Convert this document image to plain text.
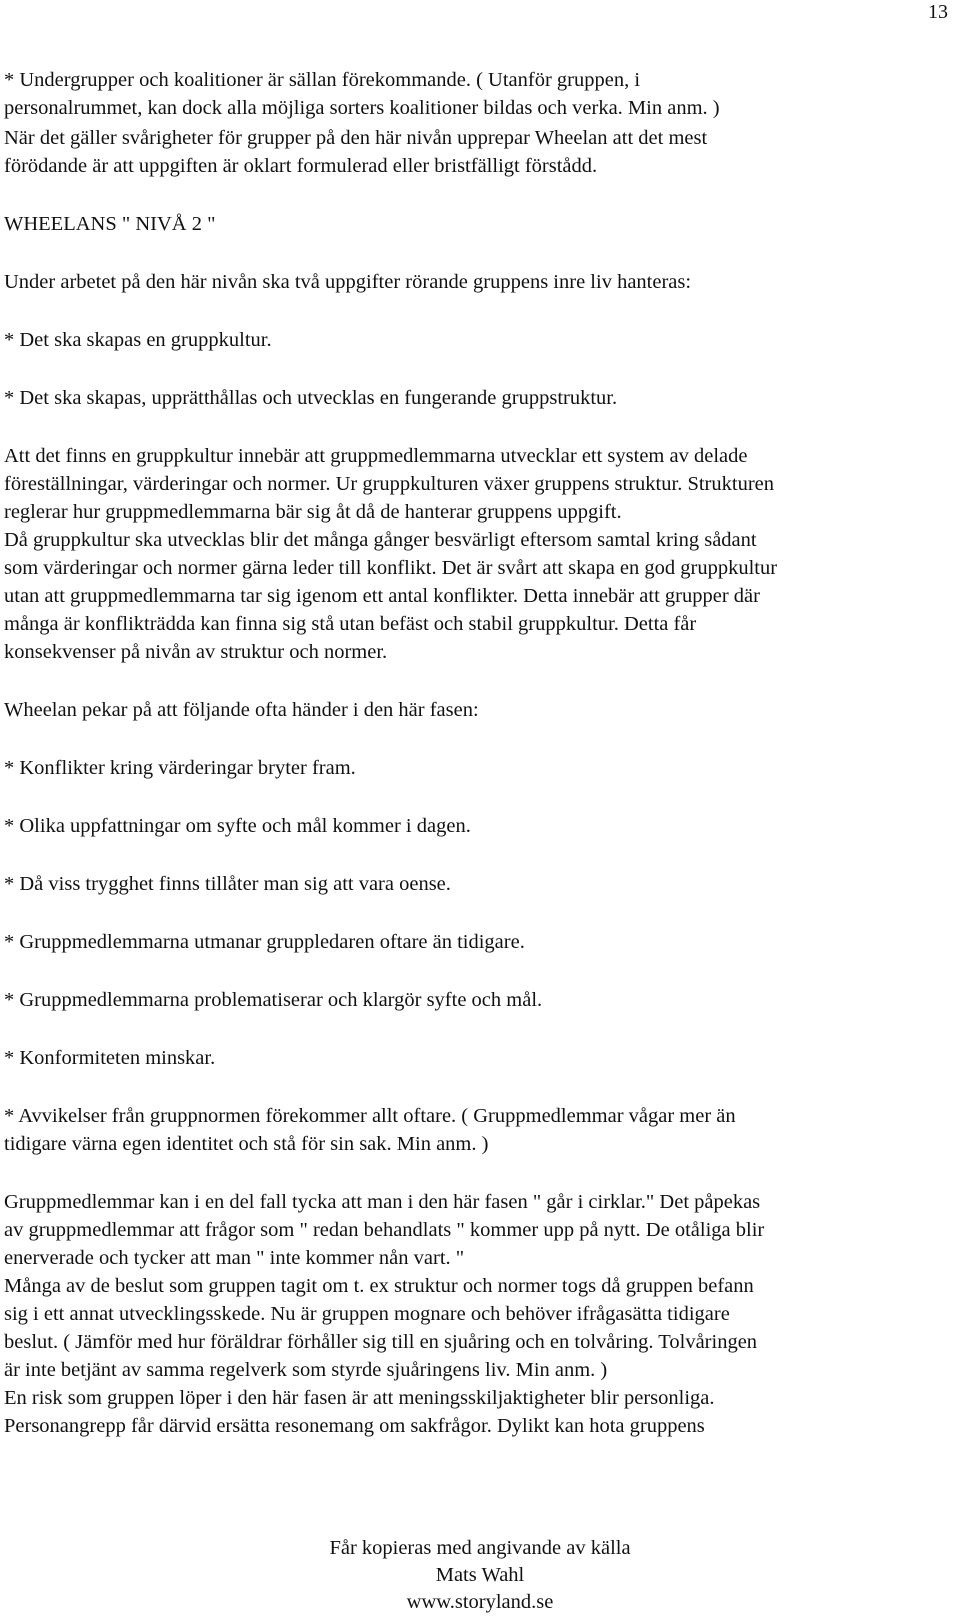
13

* Undergrupper och koalitioner är sällan förekommande. ( Utanför gruppen, i
personalrummet, kan dock alla möjliga sorters koalitioner bildas och verka. Min anm. )

När det gäller svårigheter för grupper på den här nivån upprepar Wheelan att det mest
förödande är att uppgiften är oklart formulerad eller bristfälligt förstådd.

WHEELANS " NIVÅ 2 "

Under arbetet på den här nivån ska två uppgifter rörande gruppens inre liv hanteras:

* Det ska skapas en gruppkultur.

* Det ska skapas, upprätthållas och utvecklas en fungerande gruppstruktur.

Att det finns en gruppkultur innebär att gruppmedlemmarna utvecklar ett system av delade
föreställningar, värderingar och normer. Ur gruppkulturen växer gruppens struktur. Strukturen
reglerar hur gruppmedlemmarna bär sig åt då de hanterar gruppens uppgift.
Då gruppkultur ska utvecklas blir det många gånger besvärligt eftersom samtal kring sådant
som värderingar och normer gärna leder till konflikt. Det är svårt att skapa en god gruppkultur
utan att gruppmedlemmarna tar sig igenom ett antal konflikter. Detta innebär att grupper där
många är konflikträdda kan finna sig stå utan befäst och stabil gruppkultur. Detta får
konsekvenser på nivån av struktur och normer.

Wheelan pekar på att följande ofta händer i den här fasen:

* Konflikter kring värderingar bryter fram.

* Olika uppfattningar om syfte och mål kommer i dagen.

* Då viss trygghet finns tillåter man sig att vara oense.

* Gruppmedlemmarna utmanar gruppledaren oftare än tidigare.

* Gruppmedlemmarna problematiserar och klargör syfte och mål.

* Konformiteten minskar.

* Avvikelser från gruppnormen förekommer allt oftare. ( Gruppmedlemmar vågar mer än
tidigare värna egen identitet och stå för sin sak. Min anm. )

Gruppmedlemmar kan i en del fall tycka att man i den här fasen " går i cirklar." Det påpekas
av gruppmedlemmar att frågor som " redan behandlats " kommer upp på nytt. De otåliga blir
enerverade och tycker att man " inte kommer nån vart. "
Många av de beslut som gruppen tagit om t. ex struktur och normer togs då gruppen befann
sig i ett annat utvecklingsskede. Nu är gruppen mognare och behöver ifrågasätta tidigare
beslut. ( Jämför med hur föräldrar förhåller sig till en sjuåring och en tolvåring. Tolvåringen
är inte betjänt av samma regelverk som styrde sjuåringens liv. Min anm. )
En risk som gruppen löper i den här fasen är att meningsskiljaktigheter blir personliga.
Personangrepp får därvid ersätta resonemang om sakfrågor. Dylikt kan hota gruppens

Får kopieras med angivande av källa
Mats Wahl
www.storyland.se
